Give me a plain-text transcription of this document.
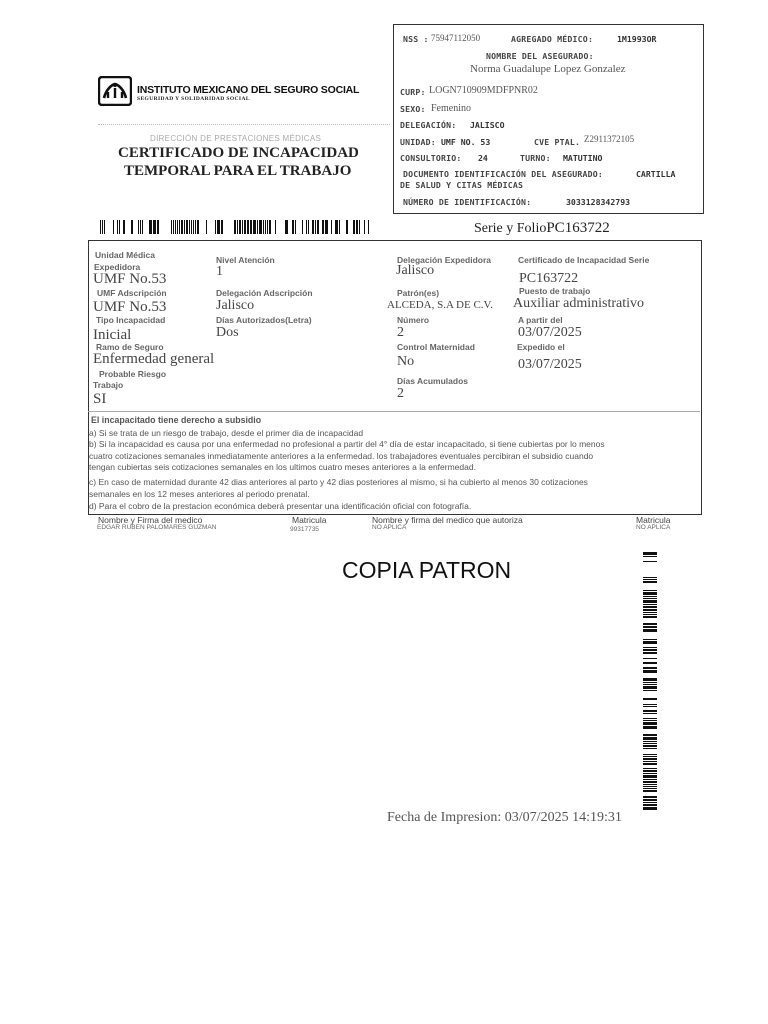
INSTITUTO MEXICANO DEL SEGURO SOCIAL
SEGURIDAD Y SOLIDARIDAD SOCIAL
DIRECCIÓN DE PRESTACIONES MÉDICAS
CERTIFICADO DE INCAPACIDAD
TEMPORAL PARA EL TRABAJO
NSS : 75947112050	AGREGADO MÉDICO:	1M1993OR
NOMBRE DEL ASEGURADO:
Norma Guadalupe Lopez Gonzalez
CURP: LOGN710909MDFPNR02
SEXO: Femenino
DELEGACIÓN: JALISCO
UNIDAD: UMF NO. 53	CVE PTAL. Z2911372105
CONSULTORIO: 24	TURNO: MATUTINO
DOCUMENTO IDENTIFICACIÓN DEL ASEGURADO:	CARTILLA
DE SALUD Y CITAS MÉDICAS
NÚMERO DE IDENTIFICACIÓN:	3033128342793
Serie y FolioPC163722
Unidad Médica
Expedidora
UMF No.53
UMF Adscripción
UMF No.53
Tipo Incapacidad
Inicial
Ramo de Seguro
Enfermedad general
Probable Riesgo
Trabajo
SI
Nivel Atención
1
Delegación Adscripción
Jalisco
Días Autorizados(Letra)
Dos
Delegación Expedidora
Jalisco
Patrón(es)
ALCEDA, S.A DE C.V.
Número
2
Control Maternidad
No
Días Acumulados
2
Certificado de Incapacidad Serie
PC163722
Puesto de trabajo
Auxiliar administrativo
A partir del
03/07/2025
Expedido el
03/07/2025
El incapacitado tiene derecho a subsidio
a) Si se trata de un riesgo de trabajo, desde el primer dia de incapacidad
b) Si la incapacidad es causa por una enfermedad no profesional a partir del 4° día de estar incapacitado, si tiene cubiertas por lo menos
cuatro cotizaciones semanales inmediatamente anteriores a la enfermedad. los trabajadores eventuales percibiran el subsidio cuando
tengan cubiertas seis cotizaciones semanales en los ultimos cuatro meses anteriores a la enfermedad.
c) En caso de maternidad durante 42 dias anteriores al parto y 42 dias posteriores al mismo, si ha cubierto al menos 30 cotizaciones
semanales en los 12 meses anteriores al periodo prenatal.
d) Para el cobro de la prestacion económica deberá presentar una identificación oficial con fotografía.
Nombre y Firma del medico
EDGAR RUBEN PALOMARES GUZMAN
Matricula
99317735
Nombre y firma del medico que autoriza
NO APLICA
Matricula
NO APLICA
COPIA PATRON
Fecha de Impresion: 03/07/2025 14:19:31
